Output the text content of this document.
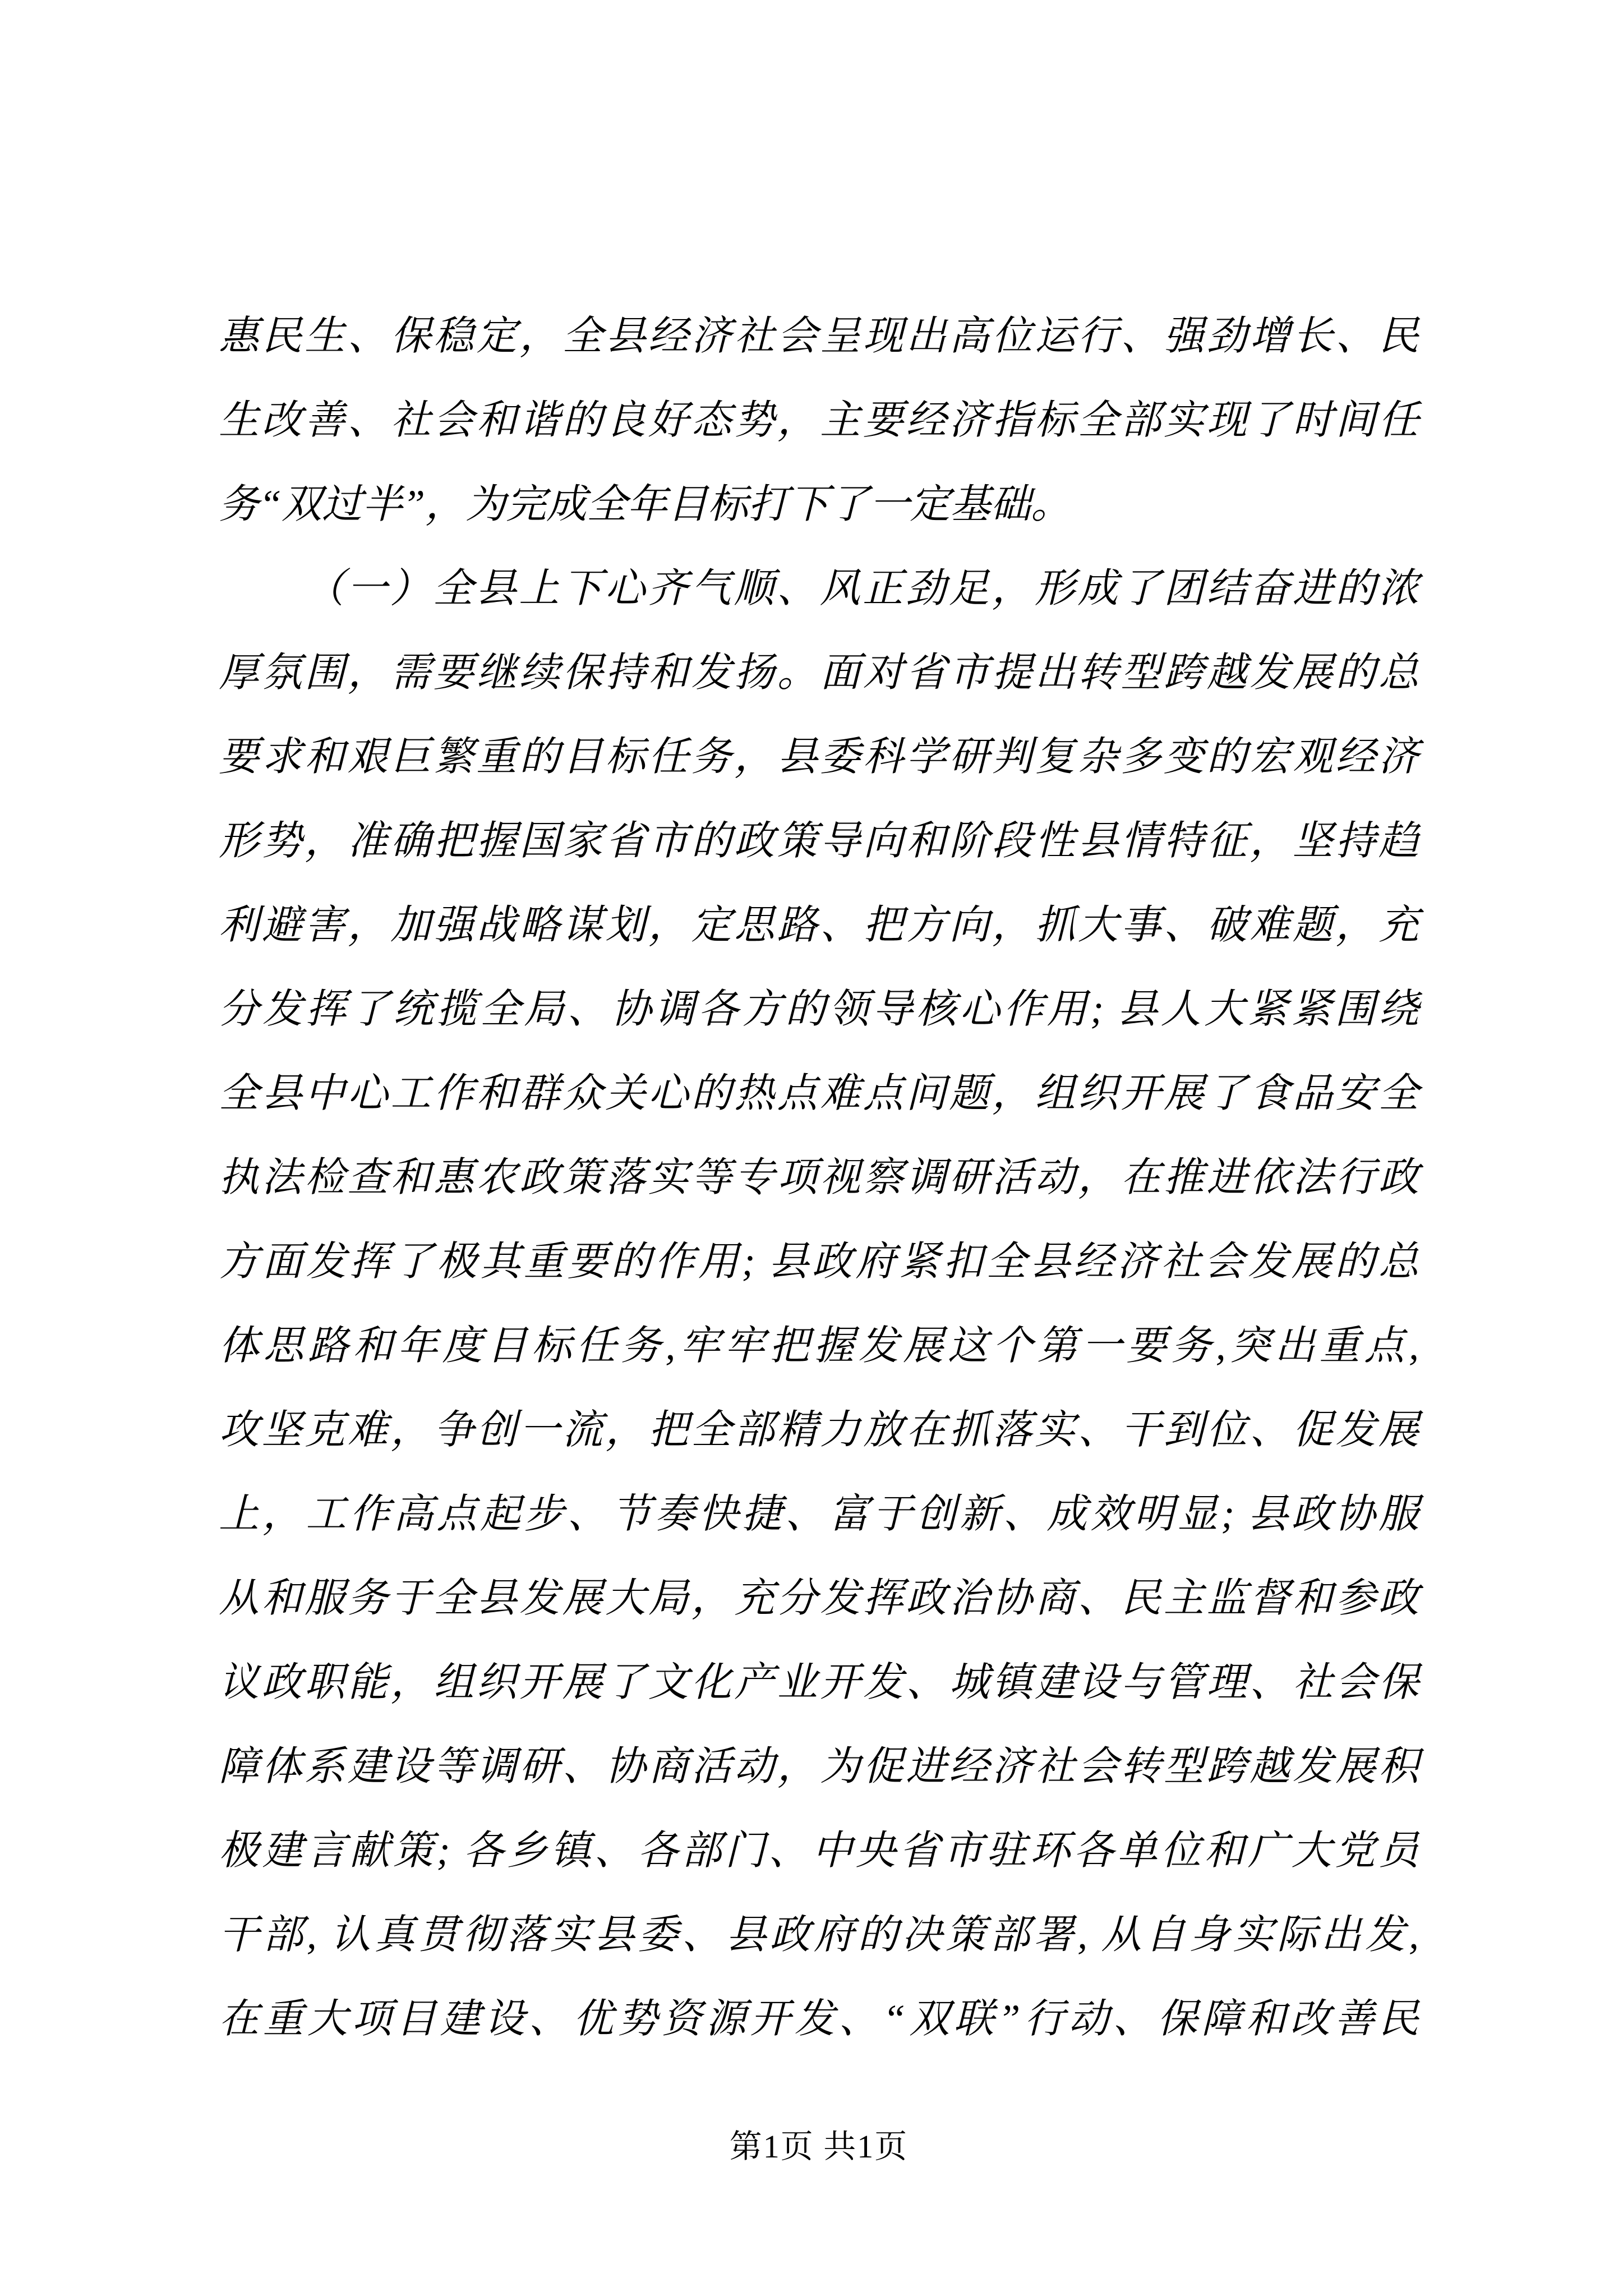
惠民生、保稳定，全县经济社会呈现出高位运行、强劲增长、民
生改善、社会和谐的良好态势，主要经济指标全部实现了时间任
务“双过半”，为完成全年目标打下了一定基础。
（一）全县上下心齐气顺、风正劲足，形成了团结奋进的浓
厚氛围，需要继续保持和发扬。面对省市提出转型跨越发展的总
要求和艰巨繁重的目标任务，县委科学研判复杂多变的宏观经济
形势，准确把握国家省市的政策导向和阶段性县情特征，坚持趋
利避害，加强战略谋划，定思路、把方向，抓大事、破难题，充
分发挥了统揽全局、协调各方的领导核心作用; 县人大紧紧围绕
全县中心工作和群众关心的热点难点问题，组织开展了食品安全
执法检查和惠农政策落实等专项视察调研活动，在推进依法行政
方面发挥了极其重要的作用; 县政府紧扣全县经济社会发展的总
体思路和年度目标任务,牢牢把握发展这个第一要务,突出重点,
攻坚克难，争创一流，把全部精力放在抓落实、干到位、促发展
上，工作高点起步、节奏快捷、富于创新、成效明显; 县政协服
从和服务于全县发展大局，充分发挥政治协商、民主监督和参政
议政职能，组织开展了文化产业开发、城镇建设与管理、社会保
障体系建设等调研、协商活动，为促进经济社会转型跨越发展积
极建言献策; 各乡镇、各部门、中央省市驻环各单位和广大党员
干部, 认真贯彻落实县委、县政府的决策部署, 从自身实际出发,
在重大项目建设、优势资源开发、“双联”行动、保障和改善民
第1页 共1页
